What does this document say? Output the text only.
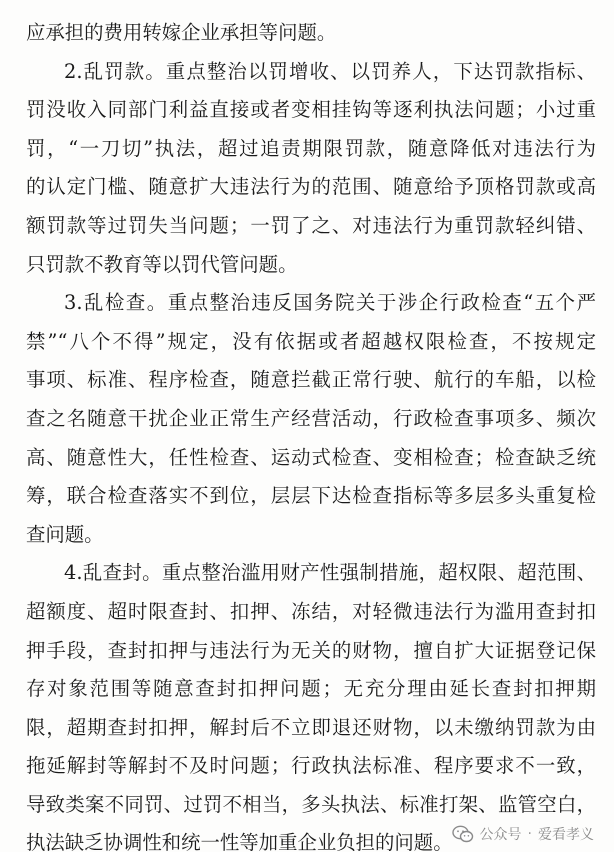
应承担的费用转嫁企业承担等问题。
2.乱罚款。重点整治以罚增收、以罚养人，下达罚款指标、
罚没收入同部门利益直接或者变相挂钩等逐利执法问题；小过重
罚，“一刀切”执法，超过追责期限罚款，随意降低对违法行为
的认定门槛、随意扩大违法行为的范围、随意给予顶格罚款或高
额罚款等过罚失当问题；一罚了之、对违法行为重罚款轻纠错、
只罚款不教育等以罚代管问题。
3.乱检查。重点整治违反国务院关于涉企行政检查“五个严
禁”“八个不得”规定，没有依据或者超越权限检查，不按规定
事项、标准、程序检查，随意拦截正常行驶、航行的车船，以检
查之名随意干扰企业正常生产经营活动，行政检查事项多、频次
高、随意性大，任性检查、运动式检查、变相检查；检查缺乏统
筹，联合检查落实不到位，层层下达检查指标等多层多头重复检
查问题。
4.乱查封。重点整治滥用财产性强制措施，超权限、超范围、
超额度、超时限查封、扣押、冻结，对轻微违法行为滥用查封扣
押手段，查封扣押与违法行为无关的财物，擅自扩大证据登记保
存对象范围等随意查封扣押问题；无充分理由延长查封扣押期
限，超期查封扣押，解封后不立即退还财物，以未缴纳罚款为由
拖延解封等解封不及时问题；行政执法标准、程序要求不一致，
导致类案不同罚、过罚不相当，多头执法、标准打架、监管空白，
执法缺乏协调性和统一性等加重企业负担的问题。	公众号 · 爱看孝义
